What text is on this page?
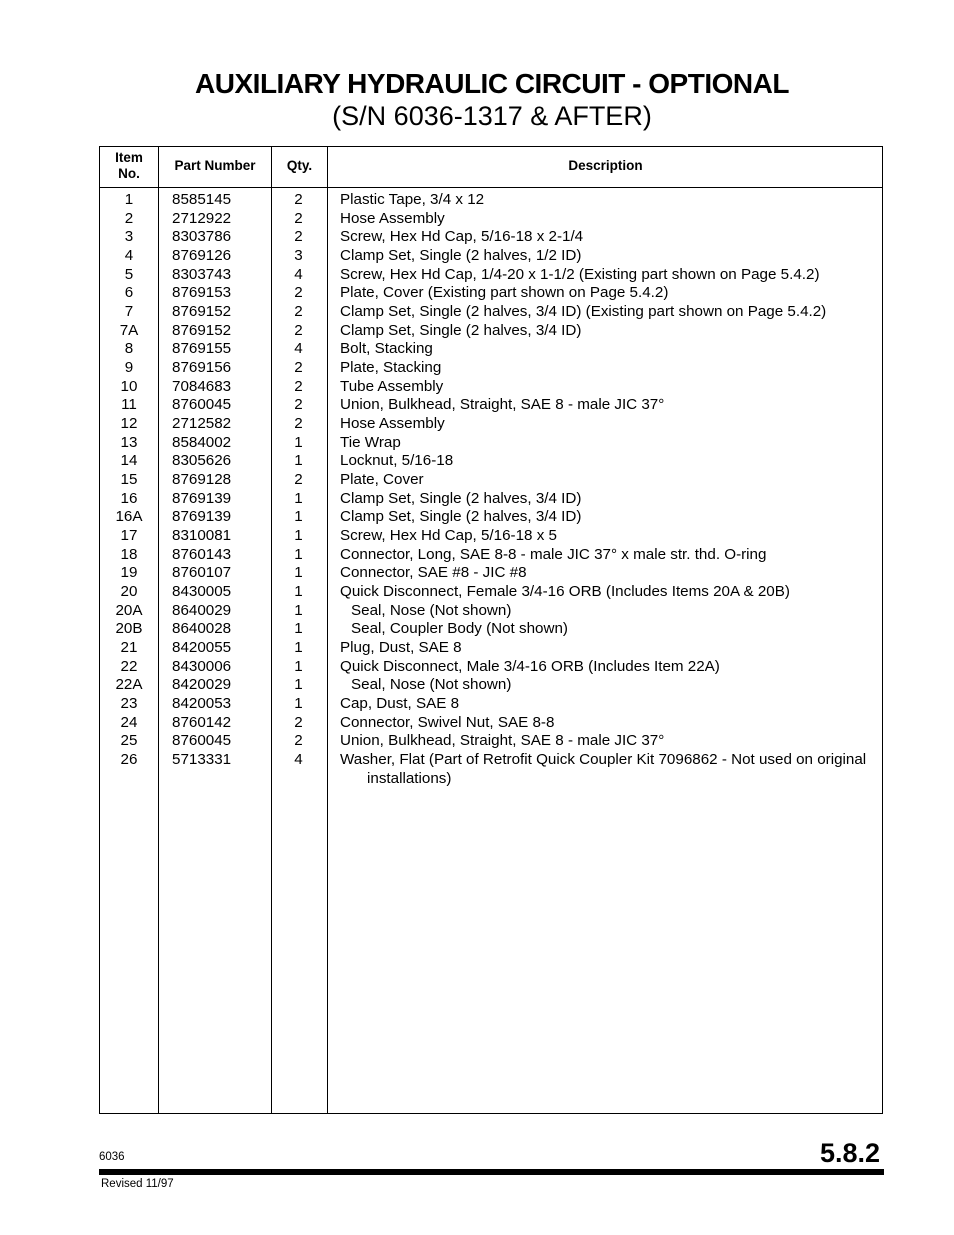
AUXILIARY HYDRAULIC CIRCUIT - OPTIONAL
(S/N 6036-1317 & AFTER)
Item
No.
Part Number	Qty.	Description
1	8585145	2	Plastic Tape, 3/4 x 12
2	2712922	2	Hose Assembly
3	8303786	2	Screw, Hex Hd Cap, 5/16-18 x 2-1/4
4	8769126	3	Clamp Set, Single (2 halves, 1/2 ID)
5	8303743	4	Screw, Hex Hd Cap, 1/4-20 x 1-1/2 (Existing part shown on Page 5.4.2)
6	8769153	2	Plate, Cover (Existing part shown on Page 5.4.2)
7	8769152	2	Clamp Set, Single (2 halves, 3/4 ID) (Existing part shown on Page 5.4.2)
7A	8769152	2	Clamp Set, Single (2 halves, 3/4 ID)
8	8769155	4	Bolt, Stacking
9	8769156	2	Plate, Stacking
10	7084683	2	Tube Assembly
11	8760045	2	Union, Bulkhead, Straight, SAE 8 - male JIC 37°
12	2712582	2	Hose Assembly
13	8584002	1	Tie Wrap
14	8305626	1	Locknut, 5/16-18
15	8769128	2	Plate, Cover
16	8769139	1	Clamp Set, Single (2 halves, 3/4 ID)
16A	8769139	1	Clamp Set, Single (2 halves, 3/4 ID)
17	8310081	1	Screw, Hex Hd Cap, 5/16-18 x 5
18	8760143	1	Connector, Long, SAE 8-8 - male JIC 37° x male str. thd. O-ring
19	8760107	1	Connector, SAE #8 - JIC #8
20	8430005	1	Quick Disconnect, Female 3/4-16 ORB (Includes Items 20A & 20B)
20A	8640029	1	Seal, Nose (Not shown)
20B	8640028	1	Seal, Coupler Body (Not shown)
21	8420055	1	Plug, Dust, SAE 8
22	8430006	1	Quick Disconnect, Male 3/4-16 ORB (Includes Item 22A)
22A	8420029	1	Seal, Nose (Not shown)
23	8420053	1	Cap, Dust, SAE 8
24	8760142	2	Connector, Swivel Nut, SAE 8-8
25	8760045	2	Union, Bulkhead, Straight, SAE 8 - male JIC 37°
26	5713331	4	Washer, Flat (Part of Retrofit Quick Coupler Kit 7096862 - Not used on original
installations)
6036	5.8.2
Revised 11/97
